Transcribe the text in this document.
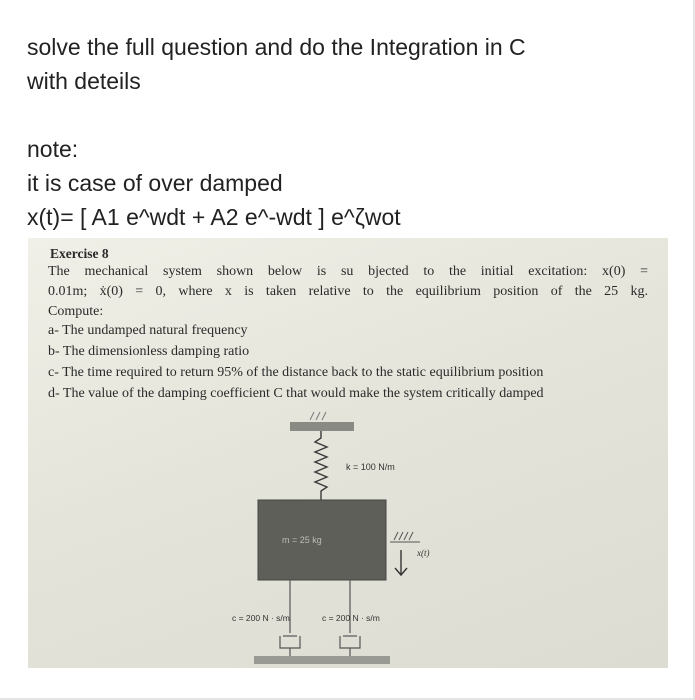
solve the full question and do the Integration in C

with deteils

note:

it is case of over damped

x(t)= [ A1 e^wdt + A2 e^-wdt ] e^ζwot

Exercise 8
The mechanical system shown below is su bjected to the initial excitation: x(0) =
0.01m; ẋ(0) = 0, where x is taken relative to the equilibrium position of the 25 kg.
Compute:
a- The undamped natural frequency
b- The dimensionless damping ratio
c- The time required to return 95% of the distance back to the static equilibrium position
d- The value of the damping coefficient C that would make the system critically damped
k = 100 N/m
m = 25 kg
x(t)
c = 200 N · s/m	c = 200 N · s/m
